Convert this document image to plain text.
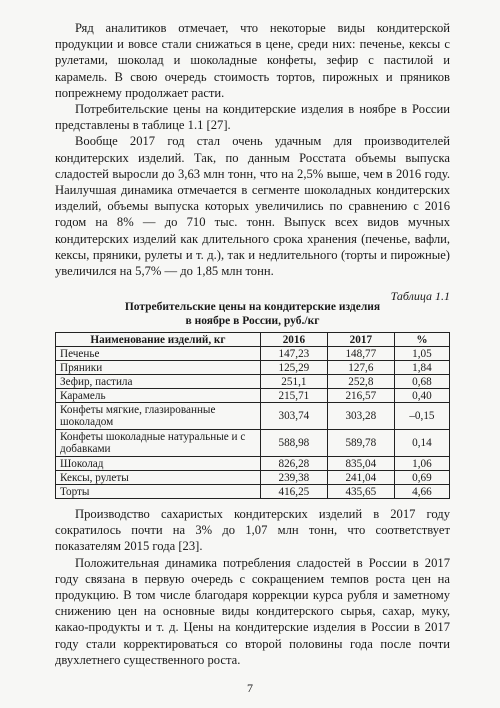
Ряд аналитиков отмечает, что некоторые виды кондитерской продукции и вовсе стали снижаться в цене, среди них: печенье, кексы с рулетами, шоколад и шоколадные конфеты, зефир с пастилой и карамель. В свою очередь стоимость тортов, пирожных и пряников попрежнему продолжает расти.

Потребительские цены на кондитерские изделия в ноябре в России представлены в таблице 1.1 [27].

Вообще 2017 год стал очень удачным для производителей кондитерских изделий. Так, по данным Росстата объемы выпуска сладостей выросли до 3,63 млн тонн, что на 2,5% выше, чем в 2016 году. Наилучшая динамика отмечается в сегменте шоколадных кондитерских изделий, объемы выпуска которых увеличились по сравнению с 2016 годом на 8% — до 710 тыс. тонн. Выпуск всех видов мучных кондитерских изделий как длительного срока хранения (печенье, вафли, кексы, пряники, рулеты и т. д.), так и недлительного (торты и пирожные) увеличился на 5,7% — до 1,85 млн тонн.

Таблица 1.1
Потребительские цены на кондитерские изделия
в ноябре в России, руб./кг
Наименование изделий, кг	2016	2017	%
Печенье	147,23	148,77	1,05
Пряники	125,29	127,6	1,84
Зефир, пастила	251,1	252,8	0,68
Карамель	215,71	216,57	0,40
Конфеты мягкие, глазированные шоколадом	303,74	303,28	–0,15
Конфеты шоколадные натуральные и с добавками	588,98	589,78	0,14
Шоколад	826,28	835,04	1,06
Кексы, рулеты	239,38	241,04	0,69
Торты	416,25	435,65	4,66

Производство сахаристых кондитерских изделий в 2017 году сократилось почти на 3% до 1,07 млн тонн, что соответствует показателям 2015 года [23].

Положительная динамика потребления сладостей в России в 2017 году связана в первую очередь с сокращением темпов роста цен на продукцию. В том числе благодаря коррекции курса рубля и заметному снижению цен на основные виды кондитерского сырья, сахар, муку, какао-продукты и т. д. Цены на кондитерские изделия в России в 2017 году стали корректироваться со второй половины года после почти двухлетнего существенного роста.

7
